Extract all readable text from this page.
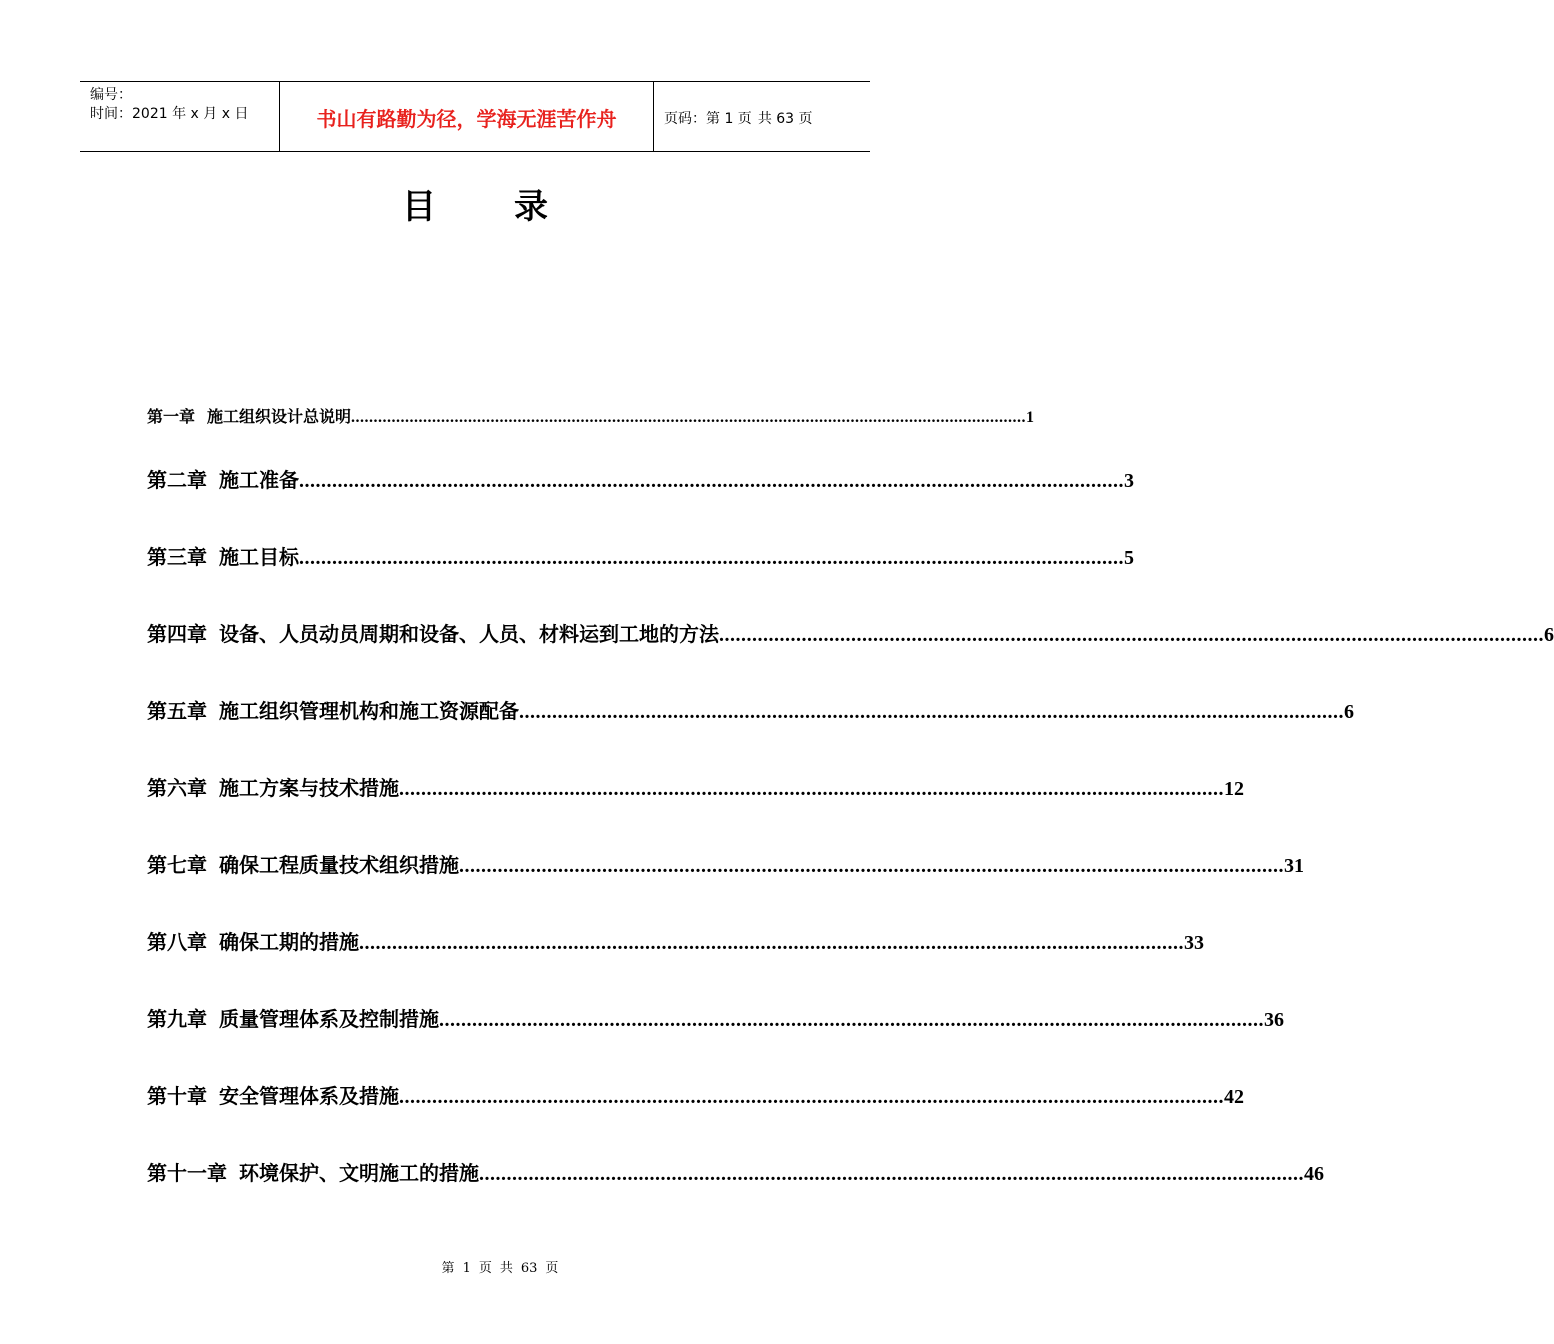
编号：
时间：2021 年 x 月 x 日	书山有路勤为径，学海无涯苦作舟	页码：第 1 页 共 63 页
目录
第一章 施工组织设计总说明 ...................................................................................................................................................... 1
第二章 施工准备 ...................................................................................................................................................... 3
第三章 施工目标 ...................................................................................................................................................... 5
第四章 设备、人员动员周期和设备、人员、材料运到工地的方法 ...................................................................................................................................................... 6
第五章 施工组织管理机构和施工资源配备 ...................................................................................................................................................... 6
第六章 施工方案与技术措施 ...................................................................................................................................................... 12
第七章 确保工程质量技术组织措施 ...................................................................................................................................................... 31
第八章 确保工期的措施 ...................................................................................................................................................... 33
第九章 质量管理体系及控制措施 ...................................................................................................................................................... 36
第十章 安全管理体系及措施 ...................................................................................................................................................... 42
第十一章 环境保护、文明施工的措施 ...................................................................................................................................................... 46
第 1 页 共 63 页
